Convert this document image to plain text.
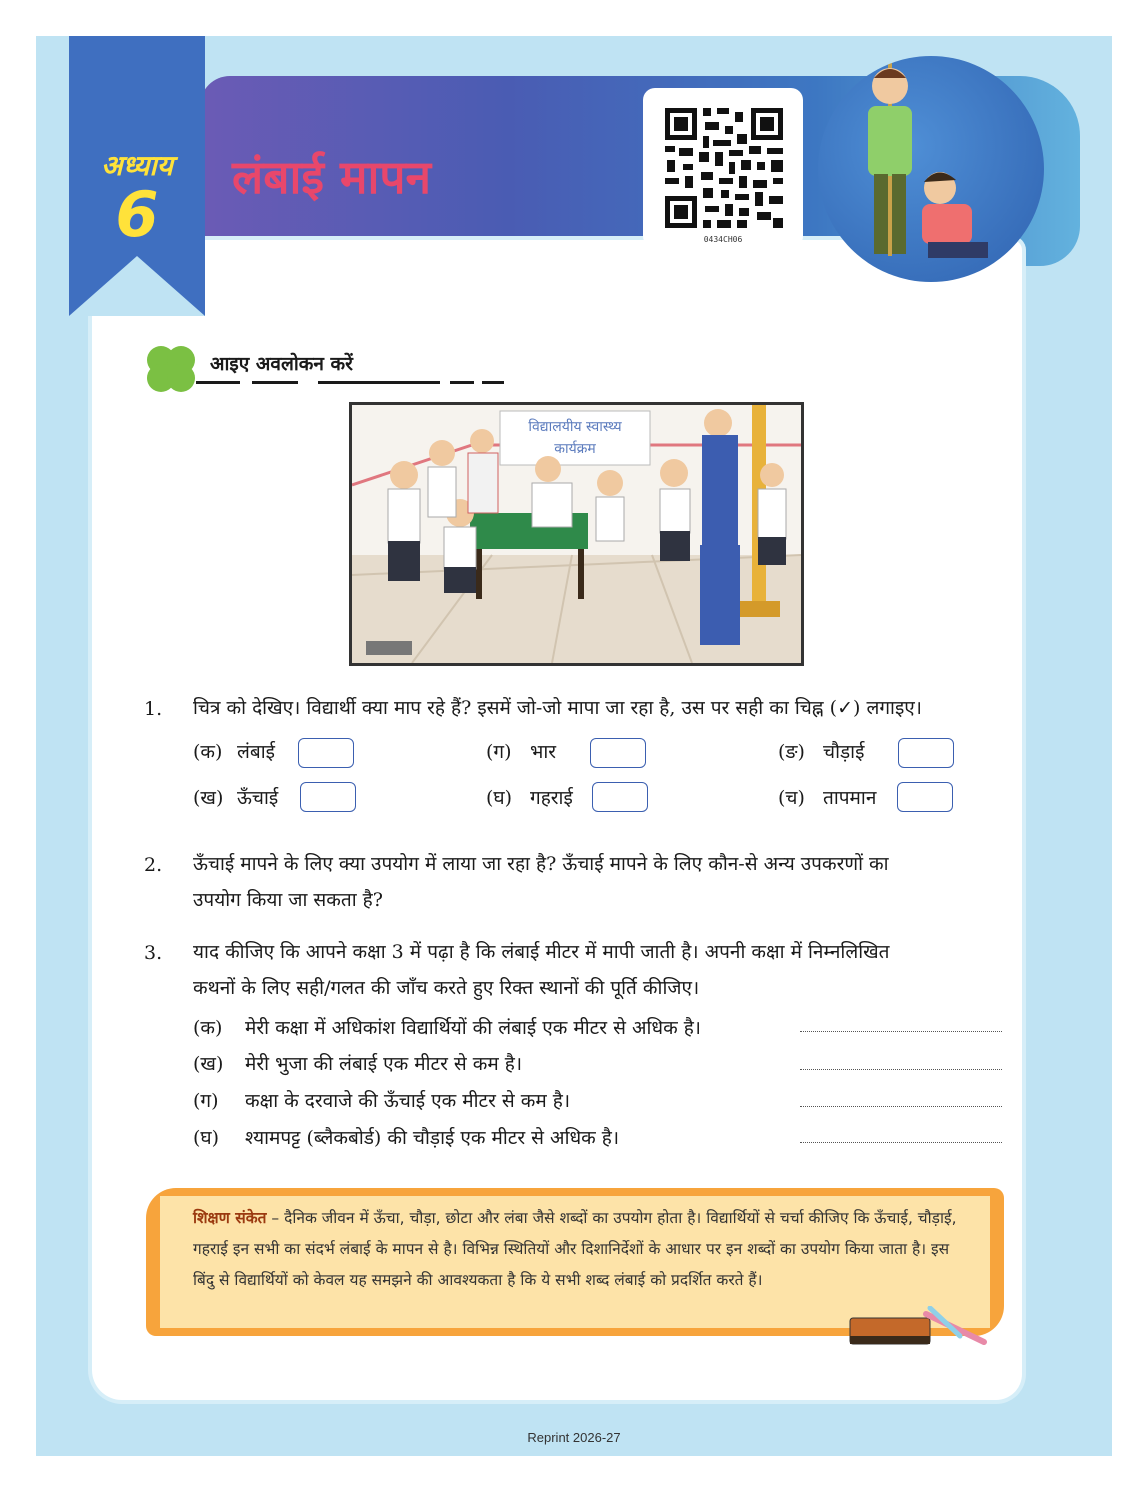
अध्याय
6
लंबाई मापन
0434CH06
आइए अवलोकन करें
विद्यालयीय स्वास्थ्य
कार्यक्रम
1. चित्र को देखिए। विद्यार्थी क्या माप रहे हैं? इसमें जो-जो मापा जा रहा है, उस पर सही का चिह्न (✓) लगाइए।
(क) लंबाई
(ख) ऊँचाई
(ग) भार
(घ) गहराई
(ङ) चौड़ाई
(च) तापमान
2. ऊँचाई मापने के लिए क्या उपयोग में लाया जा रहा है? ऊँचाई मापने के लिए कौन-से अन्य उपकरणों का
उपयोग किया जा सकता है?
3. याद कीजिए कि आपने कक्षा 3 में पढ़ा है कि लंबाई मीटर में मापी जाती है। अपनी कक्षा में निम्नलिखित
कथनों के लिए सही/गलत की जाँच करते हुए रिक्त स्थानों की पूर्ति कीजिए।
(क) मेरी कक्षा में अधिकांश विद्यार्थियों की लंबाई एक मीटर से अधिक है।
(ख) मेरी भुजा की लंबाई एक मीटर से कम है।
(ग) कक्षा के दरवाजे की ऊँचाई एक मीटर से कम है।
(घ) श्यामपट्ट (ब्लैकबोर्ड) की चौड़ाई एक मीटर से अधिक है।
शिक्षण संकेत – दैनिक जीवन में ऊँचा, चौड़ा, छोटा और लंबा जैसे शब्दों का उपयोग होता है। विद्यार्थियों से चर्चा कीजिए कि ऊँचाई, चौड़ाई, गहराई इन सभी का संदर्भ लंबाई के मापन से है। विभिन्न स्थितियों और दिशानिर्देशों के आधार पर इन शब्दों का उपयोग किया जाता है। इस बिंदु से विद्यार्थियों को केवल यह समझने की आवश्यकता है कि ये सभी शब्द लंबाई को प्रदर्शित करते हैं।
Reprint 2026-27
